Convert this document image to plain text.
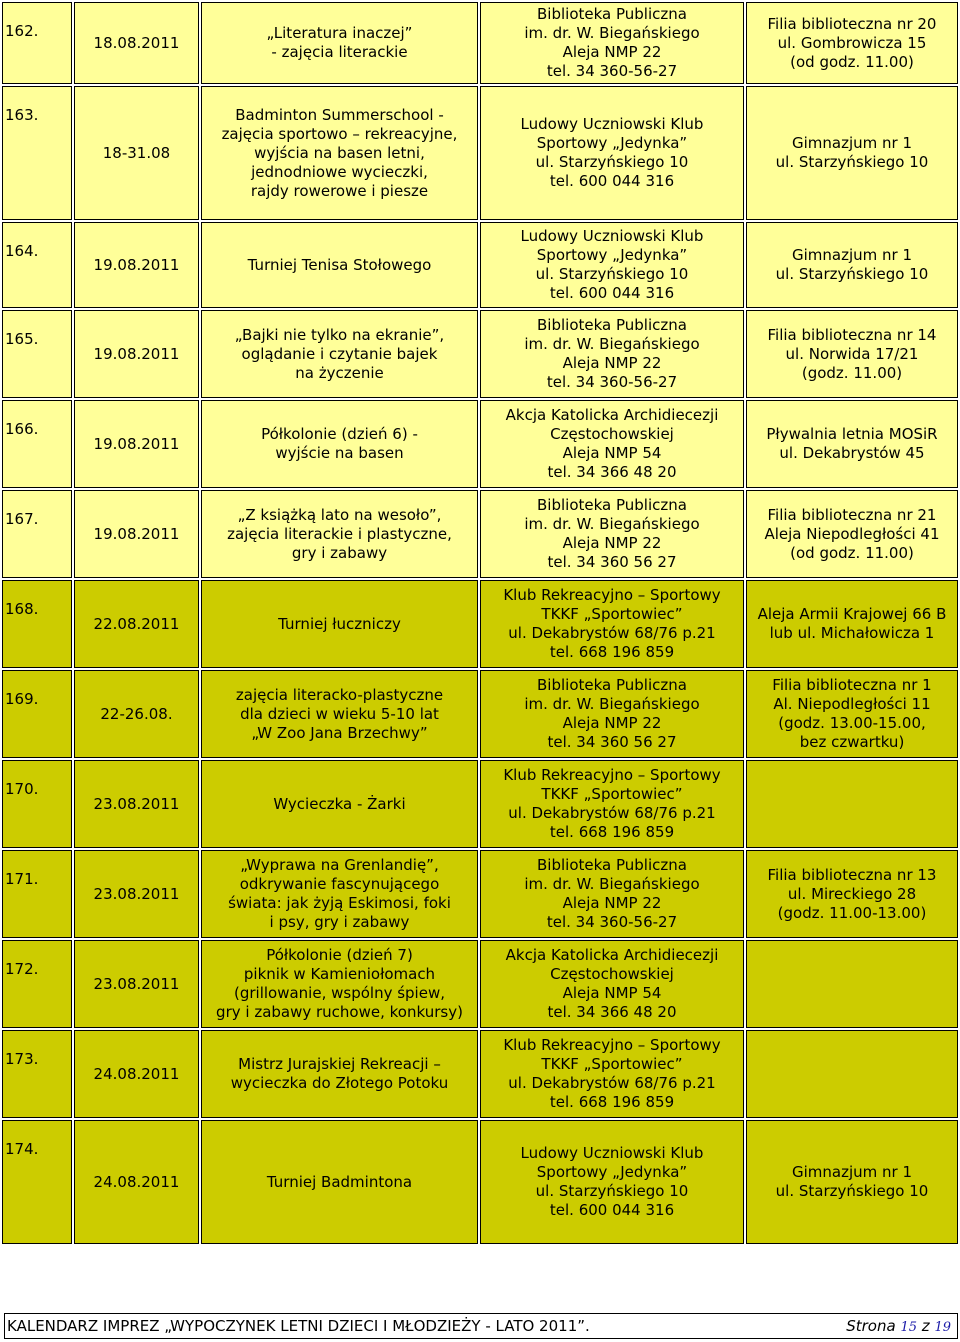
162.	18.08.2011	„Literatura inaczej”
- zajęcia literackie	Biblioteka Publiczna
im. dr. W. Biegańskiego
Aleja NMP 22
tel. 34 360-56-27	Filia biblioteczna nr 20
ul. Gombrowicza 15
(od godz. 11.00)

163.	18-31.08	Badminton Summerschool -
zajęcia sportowo – rekreacyjne,
wyjścia na basen letni,
jednodniowe wycieczki,
rajdy rowerowe i piesze	Ludowy Uczniowski Klub
Sportowy „Jedynka”
ul. Starzyńskiego 10
tel. 600 044 316	Gimnazjum nr 1
ul. Starzyńskiego 10

164.	19.08.2011	Turniej Tenisa Stołowego	Ludowy Uczniowski Klub
Sportowy „Jedynka”
ul. Starzyńskiego 10
tel. 600 044 316	Gimnazjum nr 1
ul. Starzyńskiego 10

165.	19.08.2011	„Bajki nie tylko na ekranie”,
oglądanie i czytanie bajek
na życzenie	Biblioteka Publiczna
im. dr. W. Biegańskiego
Aleja NMP 22
tel. 34 360-56-27	Filia biblioteczna nr 14
ul. Norwida 17/21
(godz. 11.00)

166.	19.08.2011	Półkolonie (dzień 6) -
wyjście na basen	Akcja Katolicka Archidiecezji
Częstochowskiej
Aleja NMP 54
tel. 34 366 48 20	Pływalnia letnia MOSiR
ul. Dekabrystów 45

167.	19.08.2011	„Z książką lato na wesoło”,
zajęcia literackie i plastyczne,
gry i zabawy	Biblioteka Publiczna
im. dr. W. Biegańskiego
Aleja NMP 22
tel. 34 360 56 27	Filia biblioteczna nr 21
Aleja Niepodległości 41
(od godz. 11.00)

168.	22.08.2011	Turniej łuczniczy	Klub Rekreacyjno – Sportowy
TKKF „Sportowiec”
ul. Dekabrystów 68/76 p.21
tel. 668 196 859	Aleja Armii Krajowej 66 B
lub ul. Michałowicza 1

169.	22-26.08.	zajęcia literacko-plastyczne
dla dzieci w wieku 5-10 lat
„W Zoo Jana Brzechwy”	Biblioteka Publiczna
im. dr. W. Biegańskiego
Aleja NMP 22
tel. 34 360 56 27	Filia biblioteczna nr 1
Al. Niepodległości 11
(godz. 13.00-15.00,
bez czwartku)

170.	23.08.2011	Wycieczka - Żarki	Klub Rekreacyjno – Sportowy
TKKF „Sportowiec”
ul. Dekabrystów 68/76 p.21
tel. 668 196 859	

171.	23.08.2011	„Wyprawa na Grenlandię”,
odkrywanie fascynującego
świata: jak żyją Eskimosi, foki
i psy, gry i zabawy	Biblioteka Publiczna
im. dr. W. Biegańskiego
Aleja NMP 22
tel. 34 360-56-27	Filia biblioteczna nr 13
ul. Mireckiego 28
(godz. 11.00-13.00)

172.	23.08.2011	Półkolonie (dzień 7)
piknik w Kamieniołomach
(grillowanie, wspólny śpiew,
gry i zabawy ruchowe, konkursy)	Akcja Katolicka Archidiecezji
Częstochowskiej
Aleja NMP 54
tel. 34 366 48 20	

173.	24.08.2011	Mistrz Jurajskiej Rekreacji –
wycieczka do Złotego Potoku	Klub Rekreacyjno – Sportowy
TKKF „Sportowiec”
ul. Dekabrystów 68/76 p.21
tel. 668 196 859	

174.	24.08.2011	Turniej Badmintona	Ludowy Uczniowski Klub
Sportowy „Jedynka”
ul. Starzyńskiego 10
tel. 600 044 316	Gimnazjum nr 1
ul. Starzyńskiego 10
KALENDARZ IMPREZ „WYPOCZYNEK LETNI DZIECI I MŁODZIEŻY - LATO 2011”.	Strona 15 z 19
